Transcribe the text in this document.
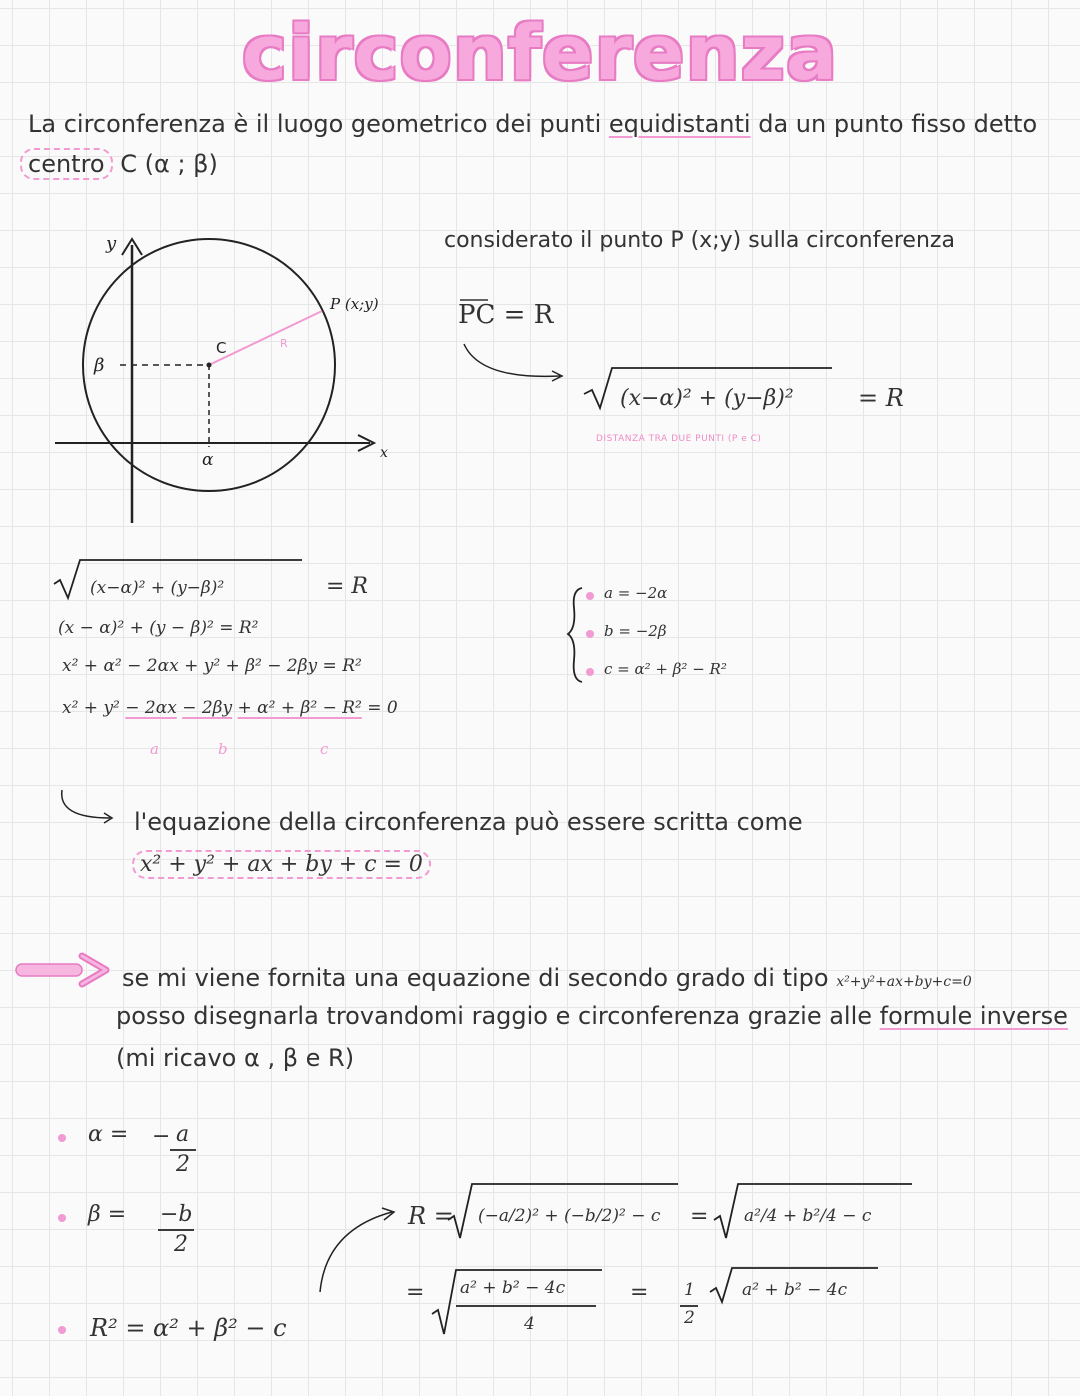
circonferenza
La circonferenza è il luogo geometrico dei punti equidistanti da un punto fisso detto
centro C (α ; β)
y
x
β
α
C
P (x;y)
R
considerato il punto P (x;y) sulla circonferenza
PC = R
(x−α)² + (y−β)²	= R
DISTANZA TRA DUE PUNTI (P e C)
(x−α)² + (y−β)²	= R
(x − α)² + (y − β)² = R²
x² + α² − 2αx + y² + β² − 2βy = R²
x² + y² − 2αx − 2βy + α² + β² − R² = 0
a	b	c
a = −2α
b = −2β
c = α² + β² − R²
l'equazione della circonferenza può essere scritta come
x² + y² + ax + by + c = 0
se mi viene fornita una equazione di secondo grado di tipo x²+y²+ax+by+c=0
posso disegnarla trovandomi raggio e circonferenza grazie alle formule inverse
(mi ricavo α , β e R)
α = − a
2
β = −b
2
R² = α² + β² − c
R = (−a/2)² + (−b/2)² − c = a²/4 + b²/4 − c
= a² + b² − 4c
4
= 1
2
a² + b² − 4c
